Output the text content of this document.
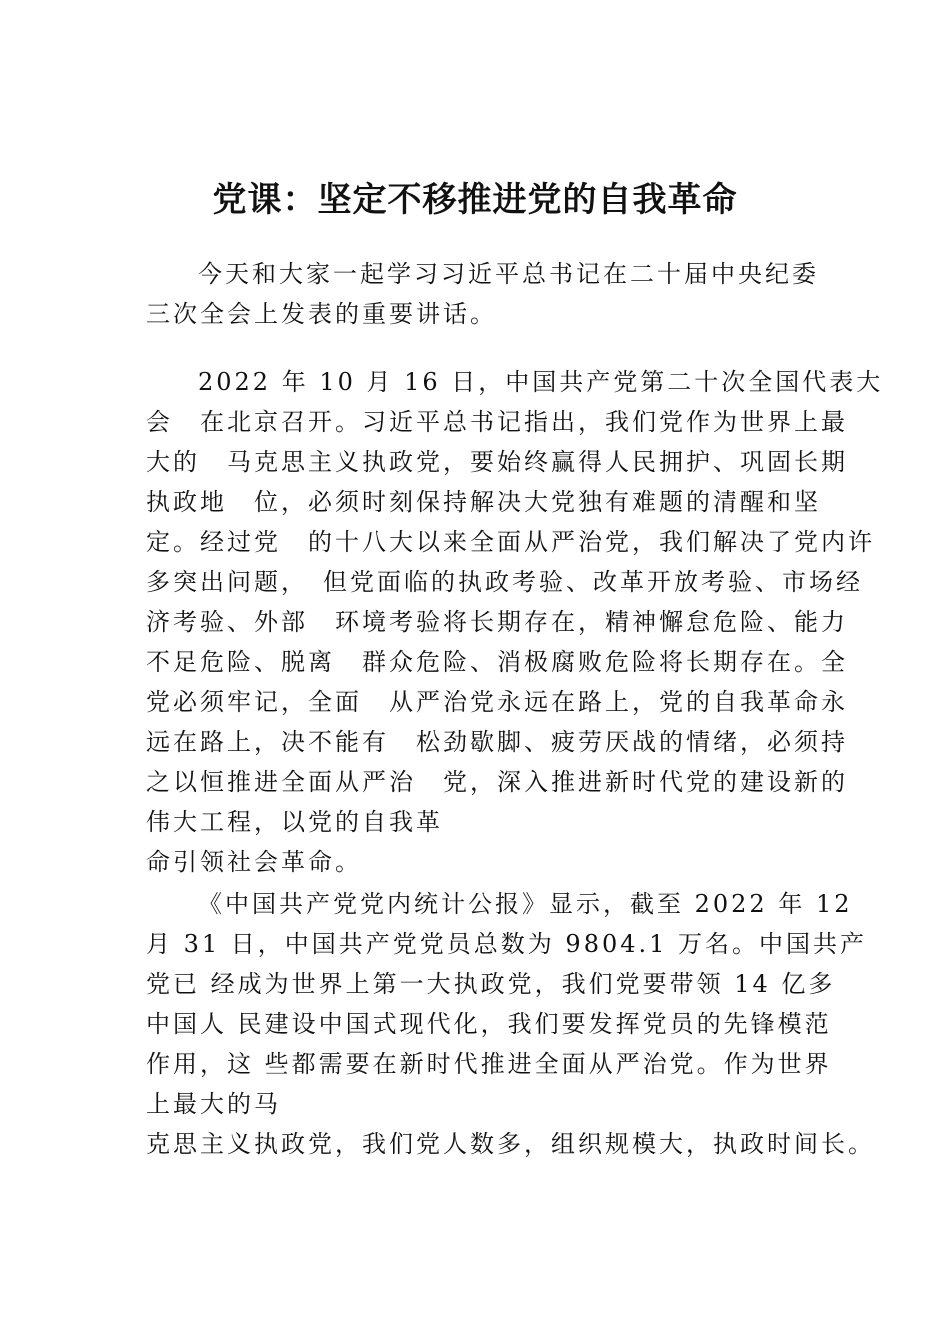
党课：坚定不移推进党的自我革命
今天和大家一起学习习近平总书记在二十届中央纪委
三次全会上发表的重要讲话。
2022 年 10 月 16 日，中国共产党第二十次全国代表大
会　在北京召开。习近平总书记指出，我们党作为世界上最
大的　马克思主义执政党，要始终赢得人民拥护、巩固长期
执政地　位，必须时刻保持解决大党独有难题的清醒和坚
定。经过党　的十八大以来全面从严治党，我们解决了党内许
多突出问题，　但党面临的执政考验、改革开放考验、市场经
济考验、外部　环境考验将长期存在，精神懈怠危险、能力
不足危险、脱离　群众危险、消极腐败危险将长期存在。全
党必须牢记，全面　从严治党永远在路上，党的自我革命永
远在路上，决不能有　松劲歇脚、疲劳厌战的情绪，必须持
之以恒推进全面从严治　党，深入推进新时代党的建设新的
伟大工程，以党的自我革
命引领社会革命。
《中国共产党党内统计公报》显示，截至 2022 年 12
月 31 日，中国共产党党员总数为 9804.1 万名。中国共产
党已 经成为世界上第一大执政党，我们党要带领 14 亿多
中国人 民建设中国式现代化，我们要发挥党员的先锋模范
作用，这 些都需要在新时代推进全面从严治党。作为世界
上最大的马
克思主义执政党，我们党人数多，组织规模大，执政时间长。
